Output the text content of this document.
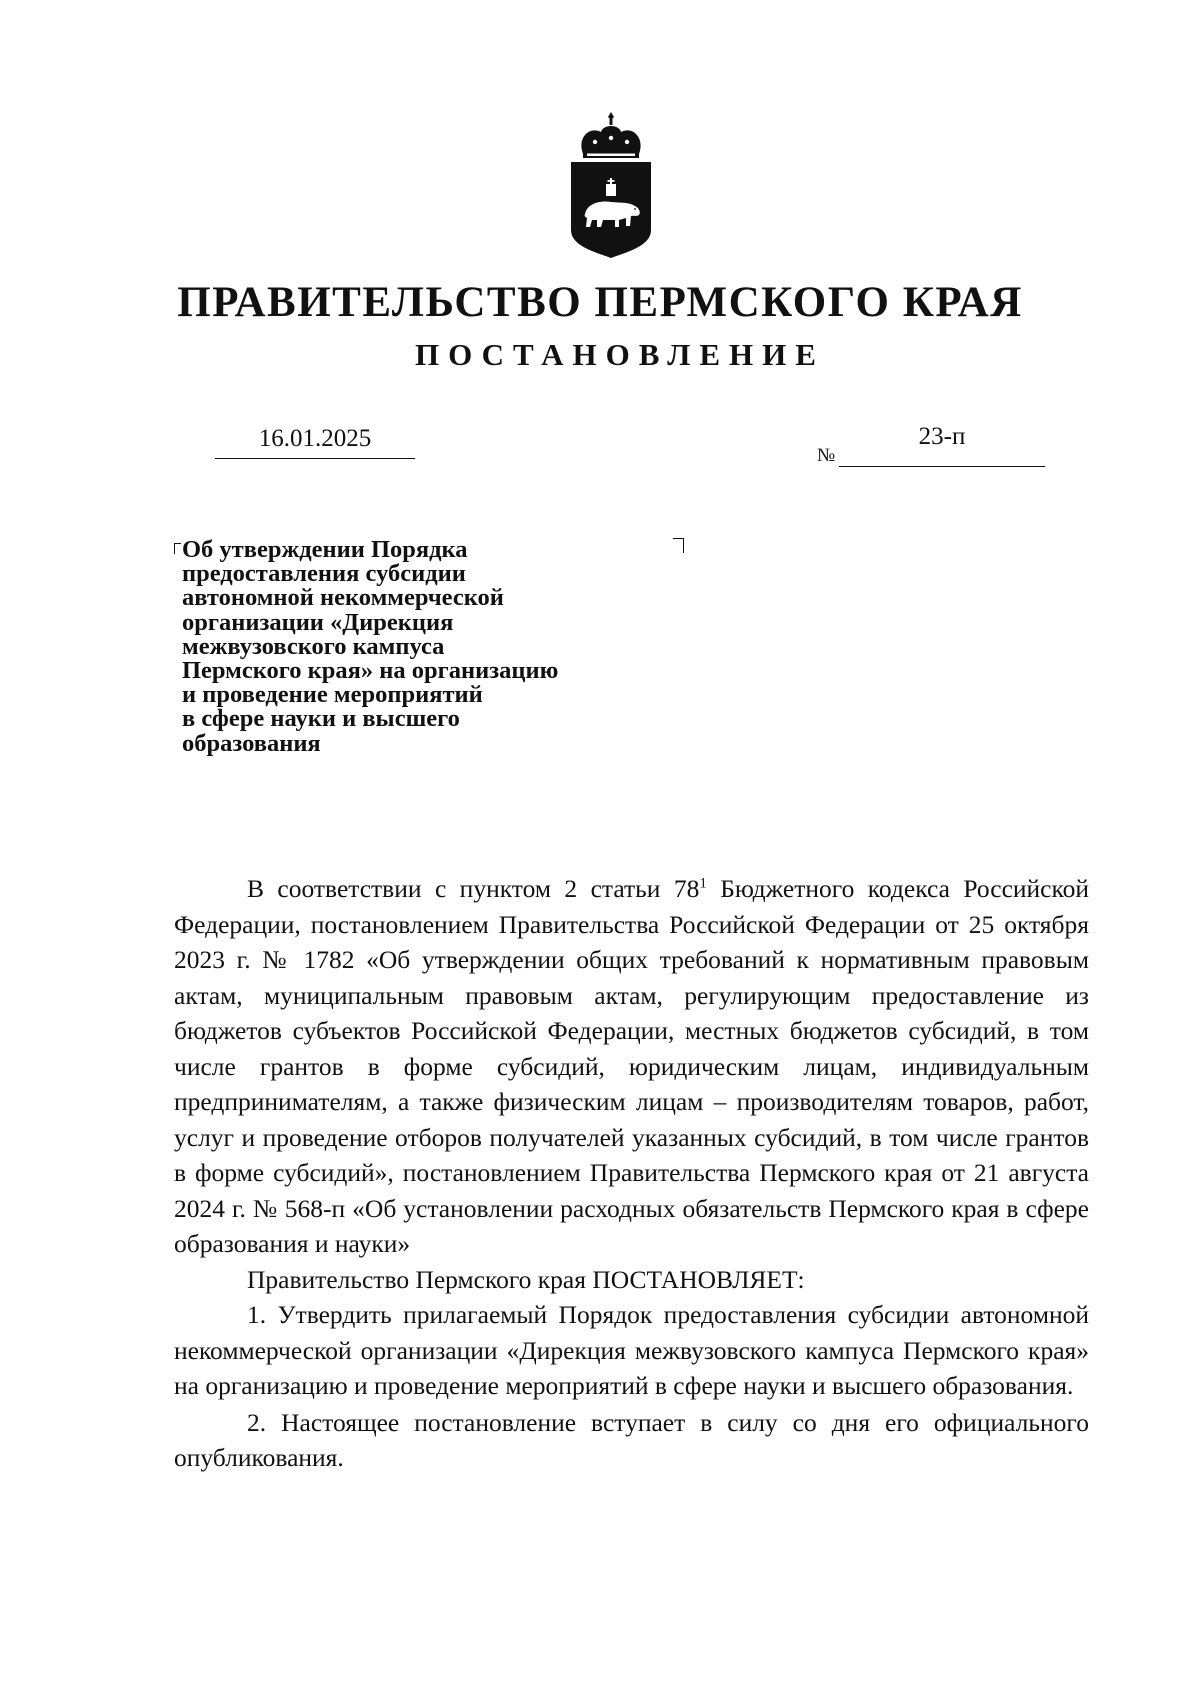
ПРАВИТЕЛЬСТВО ПЕРМСКОГО КРАЯ
ПОСТАНОВЛЕНИЕ
16.01.2025
№
23-п
Об утверждении Порядка
предоставления субсидии
автономной некоммерческой
организации «Дирекция
межвузовского кампуса
Пермского края» на организацию
и проведение мероприятий
в сфере науки и высшего
образования

В соответствии с пунктом 2 статьи $78^1$ Бюджетного кодекса Российской Федерации, постановлением Правительства Российской Федерации от 25 октября 2023 г. № 1782 «Об утверждении общих требований к нормативным правовым актам, муниципальным правовым актам, регулирующим предоставление из бюджетов субъектов Российской Федерации, местных бюджетов субсидий, в том числе грантов в форме субсидий, юридическим лицам, индивидуальным предпринимателям, а также физическим лицам – производителям товаров, работ, услуг и проведение отборов получателей указанных субсидий, в том числе грантов в форме субсидий», постановлением Правительства Пермского края от 21 августа 2024 г. № 568-п «Об установлении расходных обязательств Пермского края в сфере образования и науки»

Правительство Пермского края ПОСТАНОВЛЯЕТ:

1. Утвердить прилагаемый Порядок предоставления субсидии автономной некоммерческой организации «Дирекция межвузовского кампуса Пермского края» на организацию и проведение мероприятий в сфере науки и высшего образования.

2. Настоящее постановление вступает в силу со дня его официального опубликования.
